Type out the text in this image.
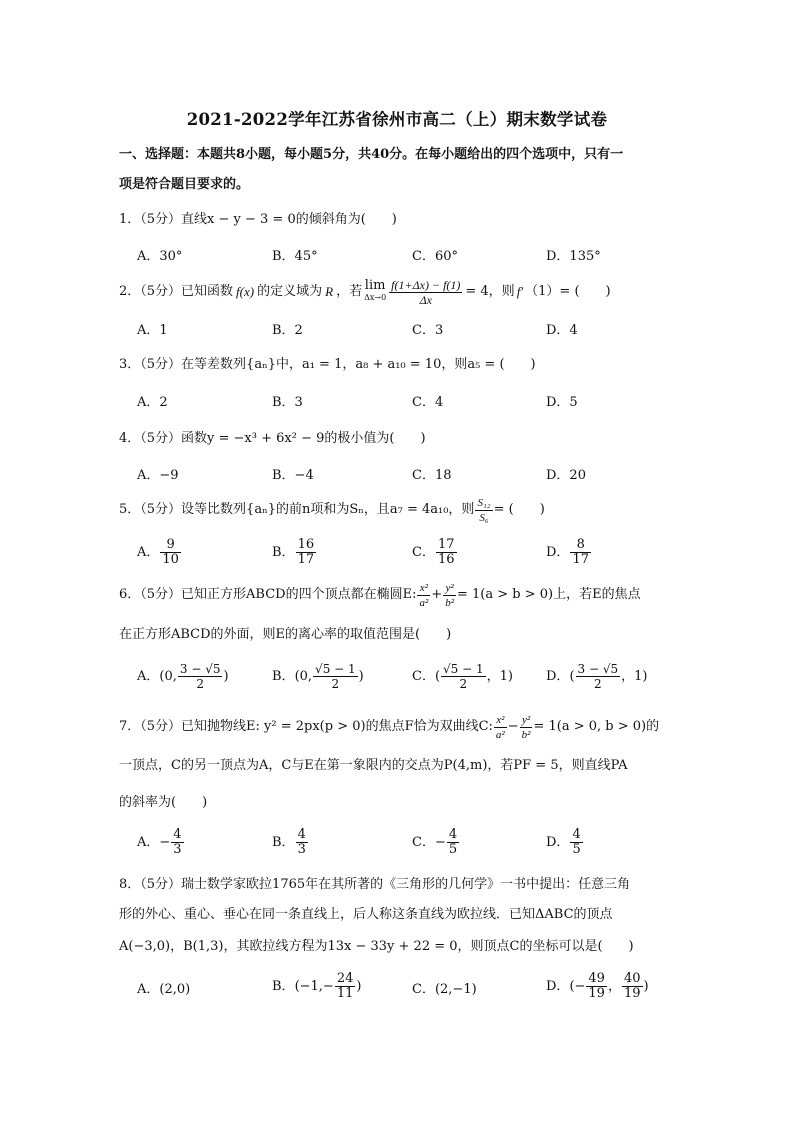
2021-2022学年江苏省徐州市高二（上）期末数学试卷
一、选择题：本题共8小题，每小题5分，共40分。在每小题给出的四个选项中，只有一
项是符合题目要求的。
1．（5分）直线x − y − 3 = 0的倾斜角为(　　)
A．30°	B．45°	C．60°	D．135°
2．（5分）已知函数 f(x) 的定义域为 R ，若 lim
$\Delta x\to 0 \frac{f(1+\Delta x) - f(1)}{\Delta x} = 4$，则 f′ （1）= (　　)
A．1	B．2	C．3	D．4
3．（5分）在等差数列{aₙ}中，a₁ = 1，a₈ + a₁₀ = 10，则a₅ = (　　)
A．2	B．3	C．4	D．5
4．（5分）函数y = −x³ + 6x² − 9的极小值为(　　)
A．−9	B．−4	C．18	D．20
5．（5分）设等比数列{aₙ}的前n项和为Sₙ，且a₇ = 4a₁₀，则 $\frac{\text{S₁₂}}{\text{S₆}}$ = (　　)
A． $\frac{9}{10}$	B． $\frac{16}{17}$	C． $\frac{17}{16}$	D． $\frac{8}{17}$
6．（5分）已知正方形ABCD的四个顶点都在椭圆E: $\frac{\text{x²}}{\text{a²}} + \frac{\text{y²}}{\text{b²}} = 1(a > b > 0)$上，若E的焦点
在正方形ABCD的外面，则E的离心率的取值范围是(　　)
A． (0, $\frac{3 - √5}{2}$ )	B． (0, $\frac{√5 - 1}{2}$ )	C． ( $\frac{√5 - 1}{2}$ ，1)	D． ( $\frac{3 - √5}{2}$ ，1)
7．（5分）已知抛物线E: y² = 2px(p > 0)的焦点F恰为双曲线C: $\frac{\text{x²}}{\text{a²}} - \frac{\text{y²}}{\text{b²}} = 1(a > 0$, b > 0)的
一顶点，C的另一顶点为A，C与E在第一象限内的交点为P(4,m)，若PF = 5，则直线PA
的斜率为(　　)
A． − $\frac{4}{3}$	B． $\frac{4}{3}$	C． − $\frac{4}{5}$	D． $\frac{4}{5}$
8．（5分）瑞士数学家欧拉1765年在其所著的《三角形的几何学》一书中提出：任意三角
形的外心、重心、垂心在同一条直线上，后人称这条直线为欧拉线．已知ΔABC的顶点
A(−3,0)，B(1,3)，其欧拉线方程为13x − 33y + 22 = 0，则顶点C的坐标可以是(　　)
A．(2,0)	B． ($-1,- \frac{24}{11}$ )	C．(2,−1)	D． (− $\frac{49}{19}$ ， $\frac{40}{19}$ )
